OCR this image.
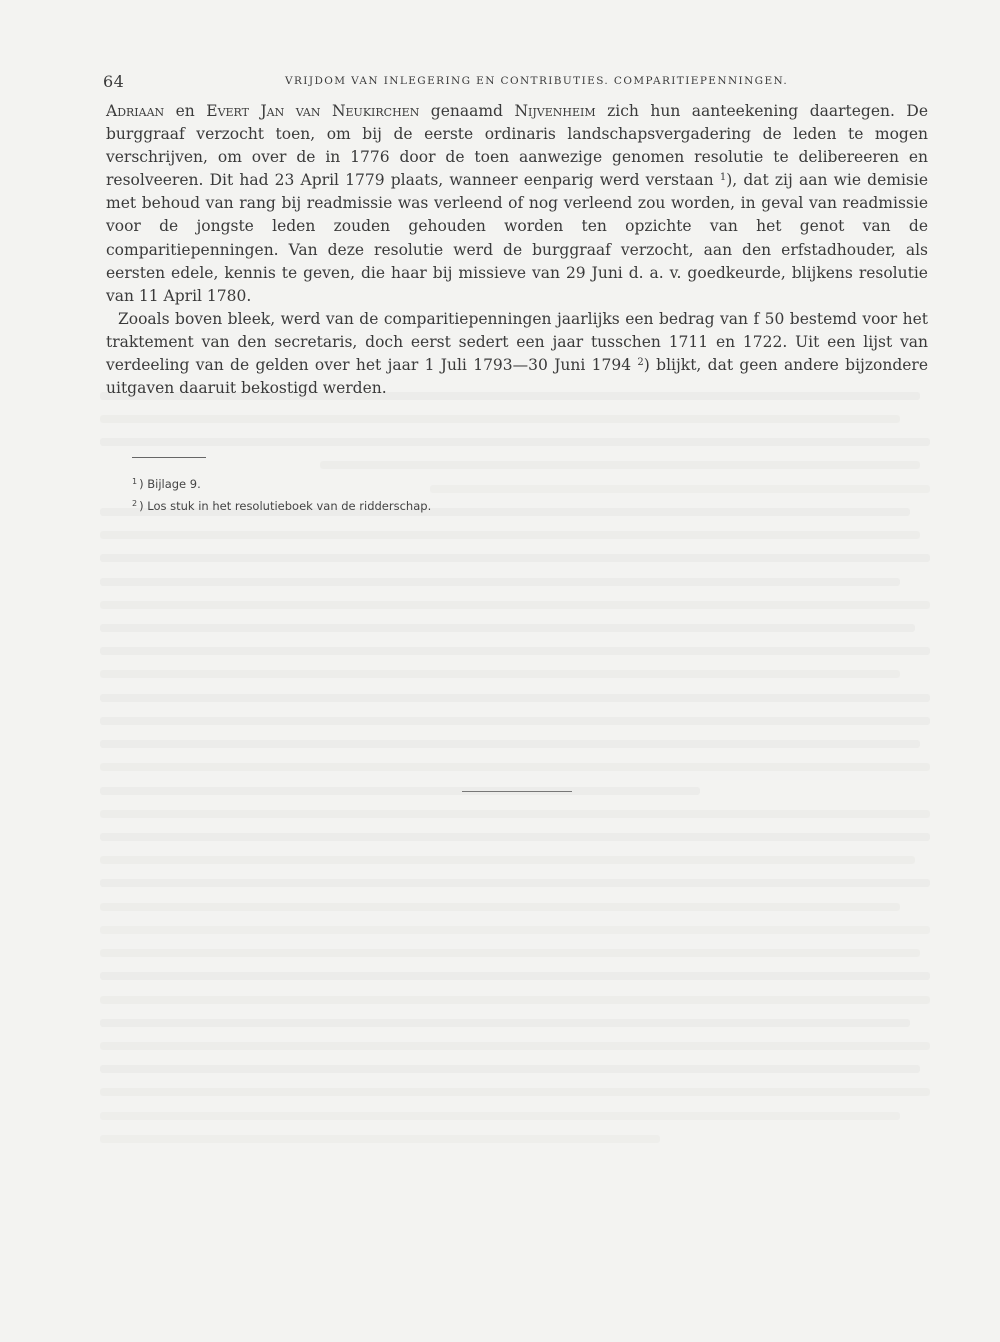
64	VRIJDOM VAN INLEGERING EN CONTRIBUTIES. COMPARITIEPENNINGEN.

Adriaan en Evert Jan van Neukirchen genaamd Nijvenheim zich hun aanteekening daartegen. De burggraaf verzocht toen, om bij de eerste ordinaris landschapsvergadering de leden te mogen verschrijven, om over de in 1776 door de toen aanwezige genomen resolutie te delibereeren en resolveeren. Dit had 23 April 1779 plaats, wanneer eenparig werd verstaan $^1$), dat zij aan wie demisie met behoud van rang bij readmissie was verleend of nog verleend zou worden, in geval van readmissie voor de jongste leden zouden gehouden worden ten opzichte van het genot van de comparitiepenningen. Van deze resolutie werd de burggraaf verzocht, aan den erfstadhouder, als eersten edele, kennis te geven, die haar bij missieve van 29 Juni d. a. v. goedkeurde, blijkens resolutie van 11 April 1780.

Zooals boven bleek, werd van de comparitiepenningen jaarlijks een bedrag van f 50 bestemd voor het traktement van den secretaris, doch eerst sedert een jaar tusschen 1711 en 1722. Uit een lijst van verdeeling van de gelden over het jaar 1 Juli 1793—30 Juni 1794 $^2$) blijkt, dat geen andere bijzondere uitgaven daaruit bekostigd werden.

$^1$ ) Bijlage 9.
$^2$ ) Los stuk in het resolutieboek van de ridderschap.
